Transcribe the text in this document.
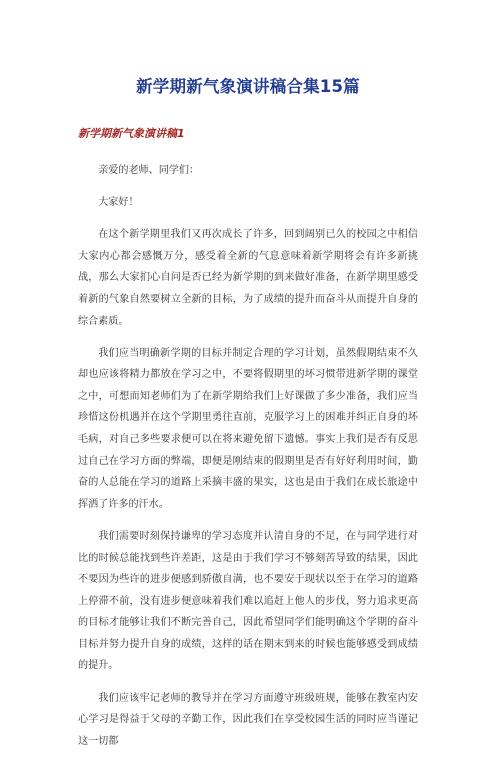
新学期新气象演讲稿合集15篇
新学期新气象演讲稿1

亲爱的老师、同学们：

大家好！

在这个新学期里我们又再次成长了许多，回到阔别已久的校园之中相信大家内心都会感慨万分，感受着全新的气息意味着新学期将会有许多新挑战，那么大家扪心自问是否已经为新学期的到来做好准备，在新学期里感受着新的气象自然要树立全新的目标，为了成绩的提升而奋斗从而提升自身的综合素质。

我们应当明确新学期的目标并制定合理的学习计划，虽然假期结束不久却也应该将精力都放在学习之中，不要将假期里的坏习惯带进新学期的课堂之中，可想而知老师们为了在新学期给我们上好课做了多少准备，我们应当珍惜这份机遇并在这个学期里勇往直前，克服学习上的困难并纠正自身的坏毛病，对自己多些要求便可以在将来避免留下遗憾。事实上我们是否有反思过自己在学习方面的弊端，即便是刚结束的假期里是否有好好利用时间，勤奋的人总能在学习的道路上采摘丰盛的果实，这也是由于我们在成长旅途中挥洒了许多的汗水。

我们需要时刻保持谦卑的学习态度并认清自身的不足，在与同学进行对比的时候总能找到些许差距，这是由于我们学习不够刻苦导致的结果，因此不要因为些许的进步便感到骄傲自满，也不要安于现状以至于在学习的道路上停滞不前，没有进步便意味着我们难以追赶上他人的步伐，努力追求更高的目标才能够让我们不断完善自己，因此希望同学们能明确这个学期的奋斗目标并努力提升自身的成绩，这样的话在期末到来的时候也能够感受到成绩的提升。

我们应该牢记老师的教导并在学习方面遵守班级班规，能够在教室内安心学习是得益于父母的辛勤工作，因此我们在享受校园生活的同时应当谨记这一切都
